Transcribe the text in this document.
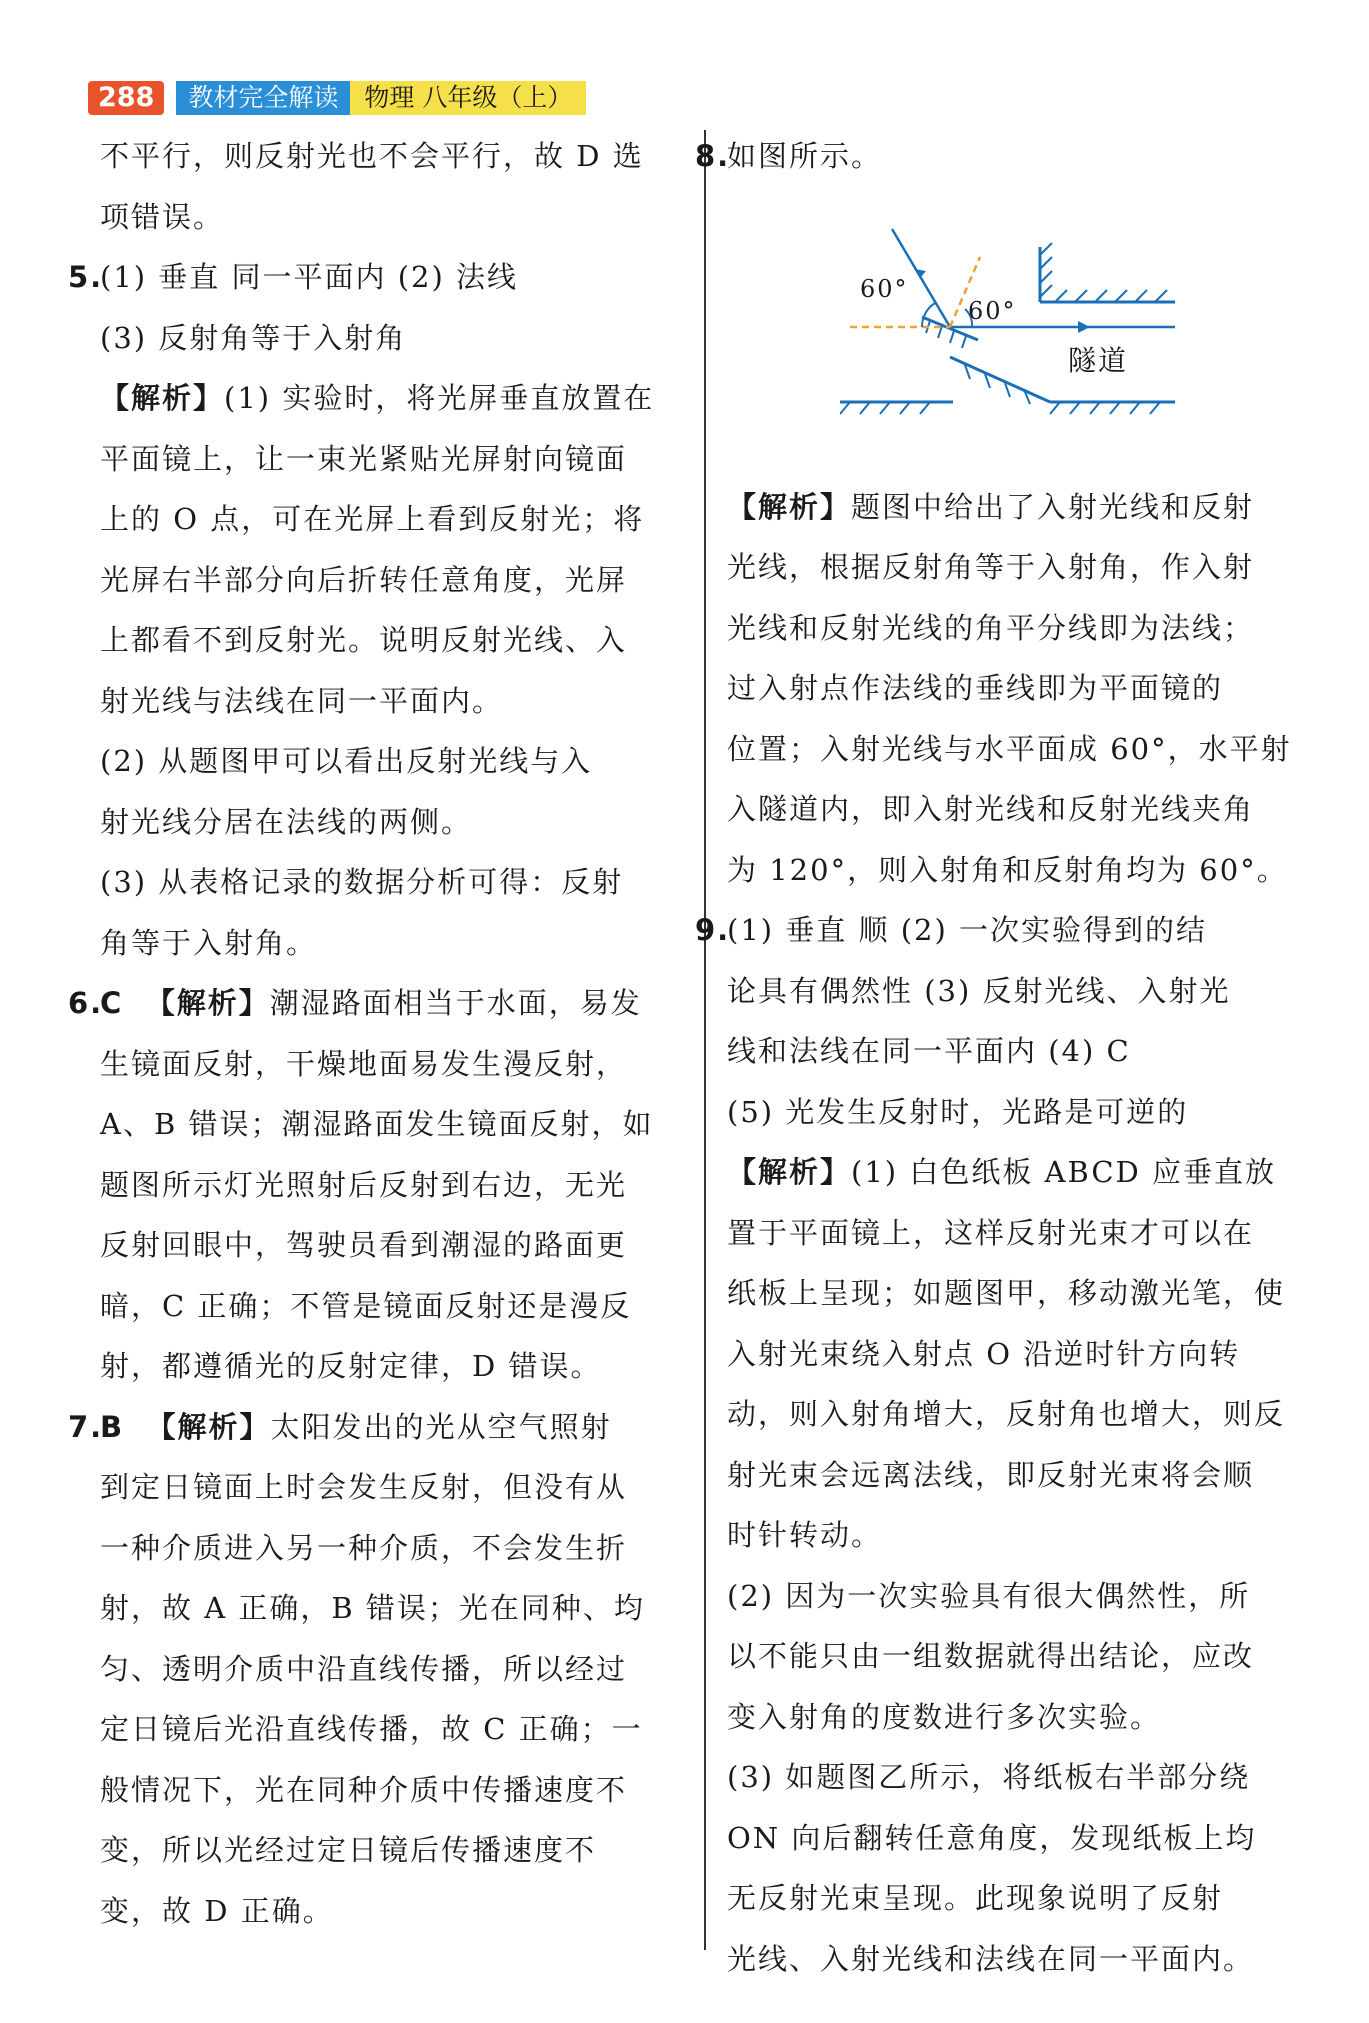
288	教材完全解读	物理 八年级（上）

不平行，则反射光也不会平行，故 D 选

项错误。

5.(1) 垂直 同一平面内 (2) 法线

(3) 反射角等于入射角

【解析】(1) 实验时，将光屏垂直放置在

平面镜上，让一束光紧贴光屏射向镜面

上的 O 点，可在光屏上看到反射光；将

光屏右半部分向后折转任意角度，光屏

上都看不到反射光。说明反射光线、入

射光线与法线在同一平面内。

(2) 从题图甲可以看出反射光线与入

射光线分居在法线的两侧。

(3) 从表格记录的数据分析可得：反射

角等于入射角。

6.C 【解析】潮湿路面相当于水面，易发

生镜面反射，干燥地面易发生漫反射，

A、B 错误；潮湿路面发生镜面反射，如

题图所示灯光照射后反射到右边，无光

反射回眼中，驾驶员看到潮湿的路面更

暗，C 正确；不管是镜面反射还是漫反

射，都遵循光的反射定律，D 错误。

7.B 【解析】太阳发出的光从空气照射

到定日镜面上时会发生反射，但没有从

一种介质进入另一种介质，不会发生折

射，故 A 正确，B 错误；光在同种、均

匀、透明介质中沿直线传播，所以经过

定日镜后光沿直线传播，故 C 正确；一

般情况下，光在同种介质中传播速度不

变，所以光经过定日镜后传播速度不

变，故 D 正确。

8.如图所示。

60°
60°
隧道

【解析】题图中给出了入射光线和反射

光线，根据反射角等于入射角，作入射

光线和反射光线的角平分线即为法线；

过入射点作法线的垂线即为平面镜的

位置；入射光线与水平面成 60°，水平射

入隧道内，即入射光线和反射光线夹角

为 120°，则入射角和反射角均为 60°。

9.(1) 垂直 顺 (2) 一次实验得到的结

论具有偶然性 (3) 反射光线、入射光

线和法线在同一平面内 (4) C

(5) 光发生反射时，光路是可逆的

【解析】(1) 白色纸板 ABCD 应垂直放

置于平面镜上，这样反射光束才可以在

纸板上呈现；如题图甲，移动激光笔，使

入射光束绕入射点 O 沿逆时针方向转

动，则入射角增大，反射角也增大，则反

射光束会远离法线，即反射光束将会顺

时针转动。

(2) 因为一次实验具有很大偶然性，所

以不能只由一组数据就得出结论，应改

变入射角的度数进行多次实验。

(3) 如题图乙所示，将纸板右半部分绕

ON 向后翻转任意角度，发现纸板上均

无反射光束呈现。此现象说明了反射

光线、入射光线和法线在同一平面内。
